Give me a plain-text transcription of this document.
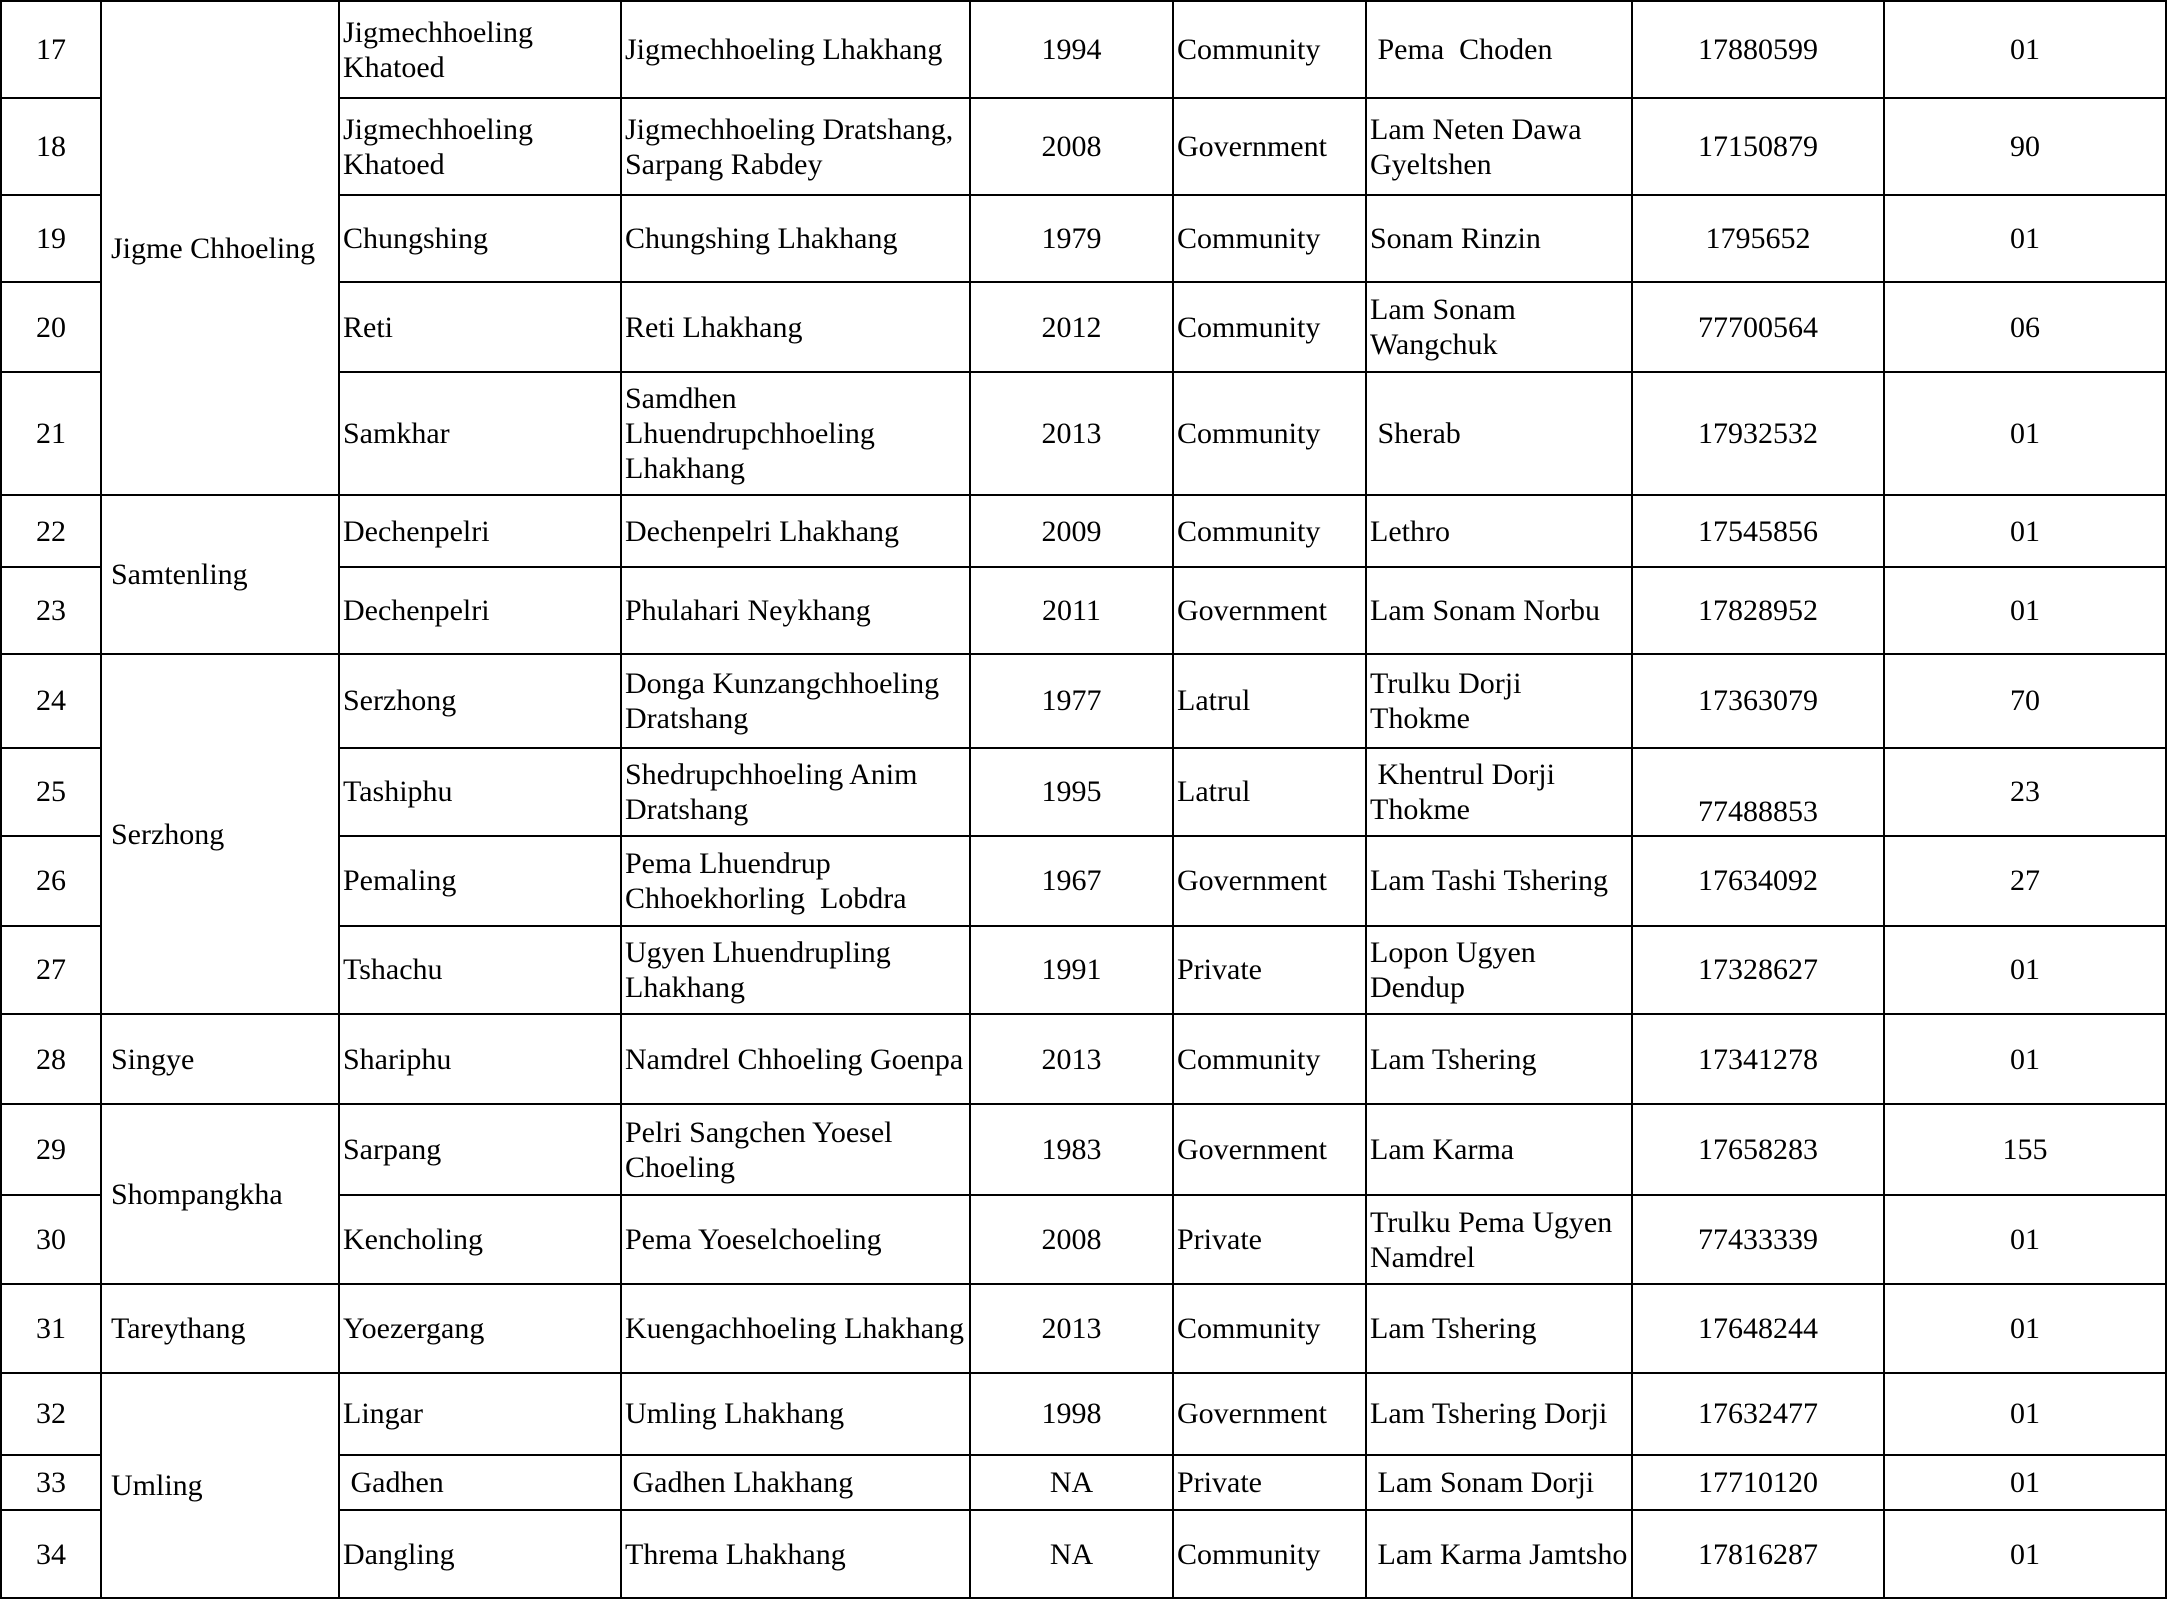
17	Jigme Chhoeling	Jigmechhoeling Khatoed	Jigmechhoeling Lhakhang	1994	Community	Pema  Choden	17880599	01
18		Jigmechhoeling Khatoed	Jigmechhoeling Dratshang, Sarpang Rabdey	2008	Government	Lam Neten Dawa Gyeltshen	17150879	90
19		Chungshing	Chungshing Lhakhang	1979	Community	Sonam Rinzin	1795652	01
20		Reti	Reti Lhakhang	2012	Community	Lam Sonam Wangchuk	77700564	06
21		Samkhar	Samdhen Lhuendrupchhoeling Lhakhang	2013	Community	Sherab	17932532	01
22	Samtenling	Dechenpelri	Dechenpelri Lhakhang	2009	Community	Lethro	17545856	01
23		Dechenpelri	Phulahari Neykhang	2011	Government	Lam Sonam Norbu	17828952	01
24	Serzhong	Serzhong	Donga Kunzangchhoeling Dratshang	1977	Latrul	Trulku Dorji Thokme	17363079	70
25		Tashiphu	Shedrupchhoeling Anim Dratshang	1995	Latrul	Khentrul Dorji Thokme	77488853	23
26		Pemaling	Pema Lhuendrup Chhoekhorling  Lobdra	1967	Government	Lam Tashi Tshering	17634092	27
27		Tshachu	Ugyen Lhuendrupling Lhakhang	1991	Private	Lopon Ugyen Dendup	17328627	01
28	Singye	Shariphu	Namdrel Chhoeling Goenpa	2013	Community	Lam Tshering	17341278	01
29	Shompangkha	Sarpang	Pelri Sangchen Yoesel Choeling	1983	Government	Lam Karma	17658283	155
30		Kencholing	Pema Yoeselchoeling	2008	Private	Trulku Pema Ugyen Namdrel	77433339	01
31	Tareythang	Yoezergang	Kuengachhoeling Lhakhang	2013	Community	Lam Tshering	17648244	01
32	Umling	Lingar	Umling Lhakhang	1998	Government	Lam Tshering Dorji	17632477	01
33		Gadhen	Gadhen Lhakhang	NA	Private	Lam Sonam Dorji	17710120	01
34		Dangling	Threma Lhakhang	NA	Community	Lam Karma Jamtsho	17816287	01
